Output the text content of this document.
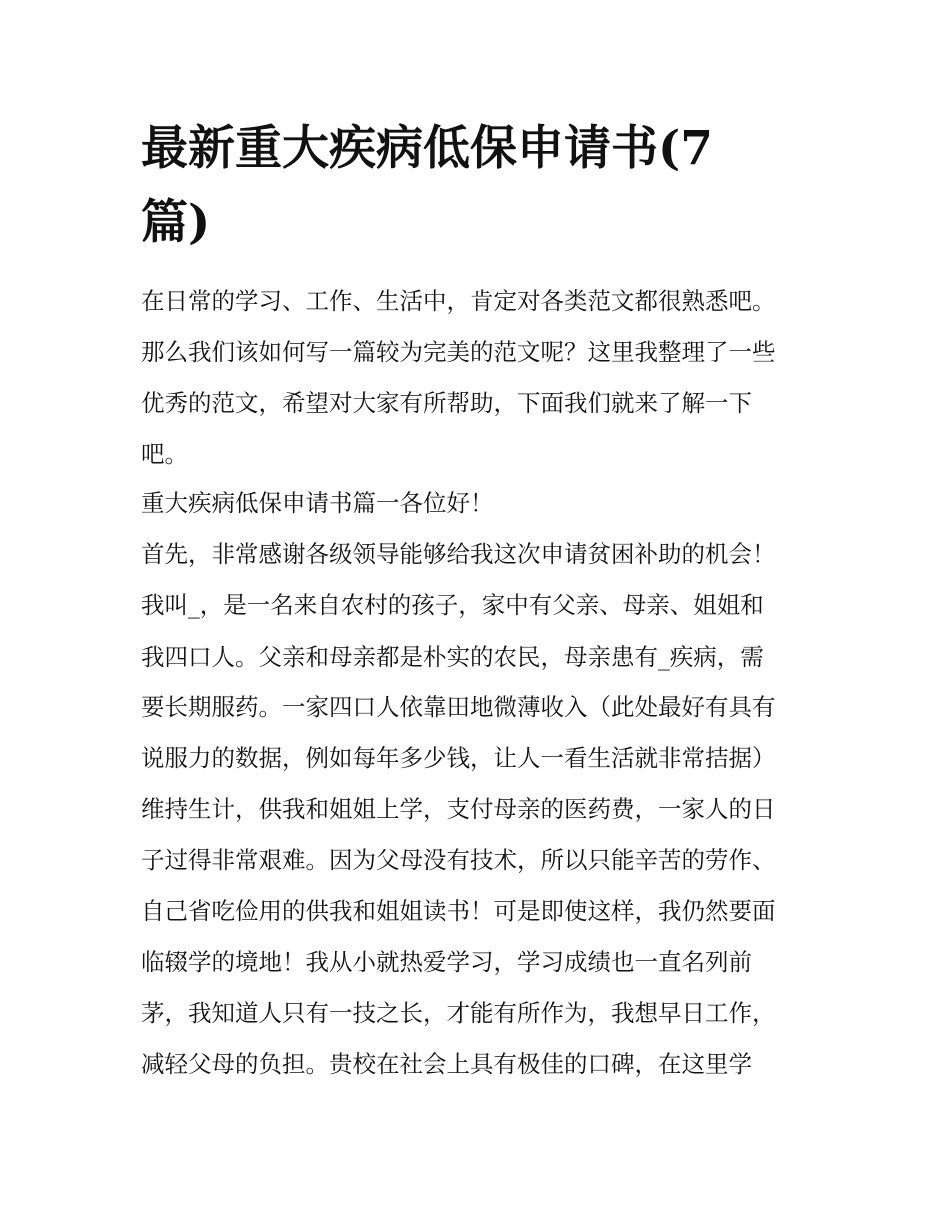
最新重大疾病低保申请书(7篇)

在日常的学习、工作、生活中，肯定对各类范文都很熟悉吧。

那么我们该如何写一篇较为完美的范文呢？这里我整理了一些

优秀的范文，希望对大家有所帮助，下面我们就来了解一下

吧。

重大疾病低保申请书篇一各位好！

首先，非常感谢各级领导能够给我这次申请贫困补助的机会！

我叫_，是一名来自农村的孩子，家中有父亲、母亲、姐姐和

我四口人。父亲和母亲都是朴实的农民，母亲患有_疾病，需

要长期服药。一家四口人依靠田地微薄收入（此处最好有具有

说服力的数据，例如每年多少钱，让人一看生活就非常拮据）

维持生计，供我和姐姐上学，支付母亲的医药费，一家人的日

子过得非常艰难。因为父母没有技术，所以只能辛苦的劳作、

自己省吃俭用的供我和姐姐读书！可是即使这样，我仍然要面

临辍学的境地！我从小就热爱学习，学习成绩也一直名列前

茅，我知道人只有一技之长，才能有所作为，我想早日工作，

减轻父母的负担。贵校在社会上具有极佳的口碑，在这里学
